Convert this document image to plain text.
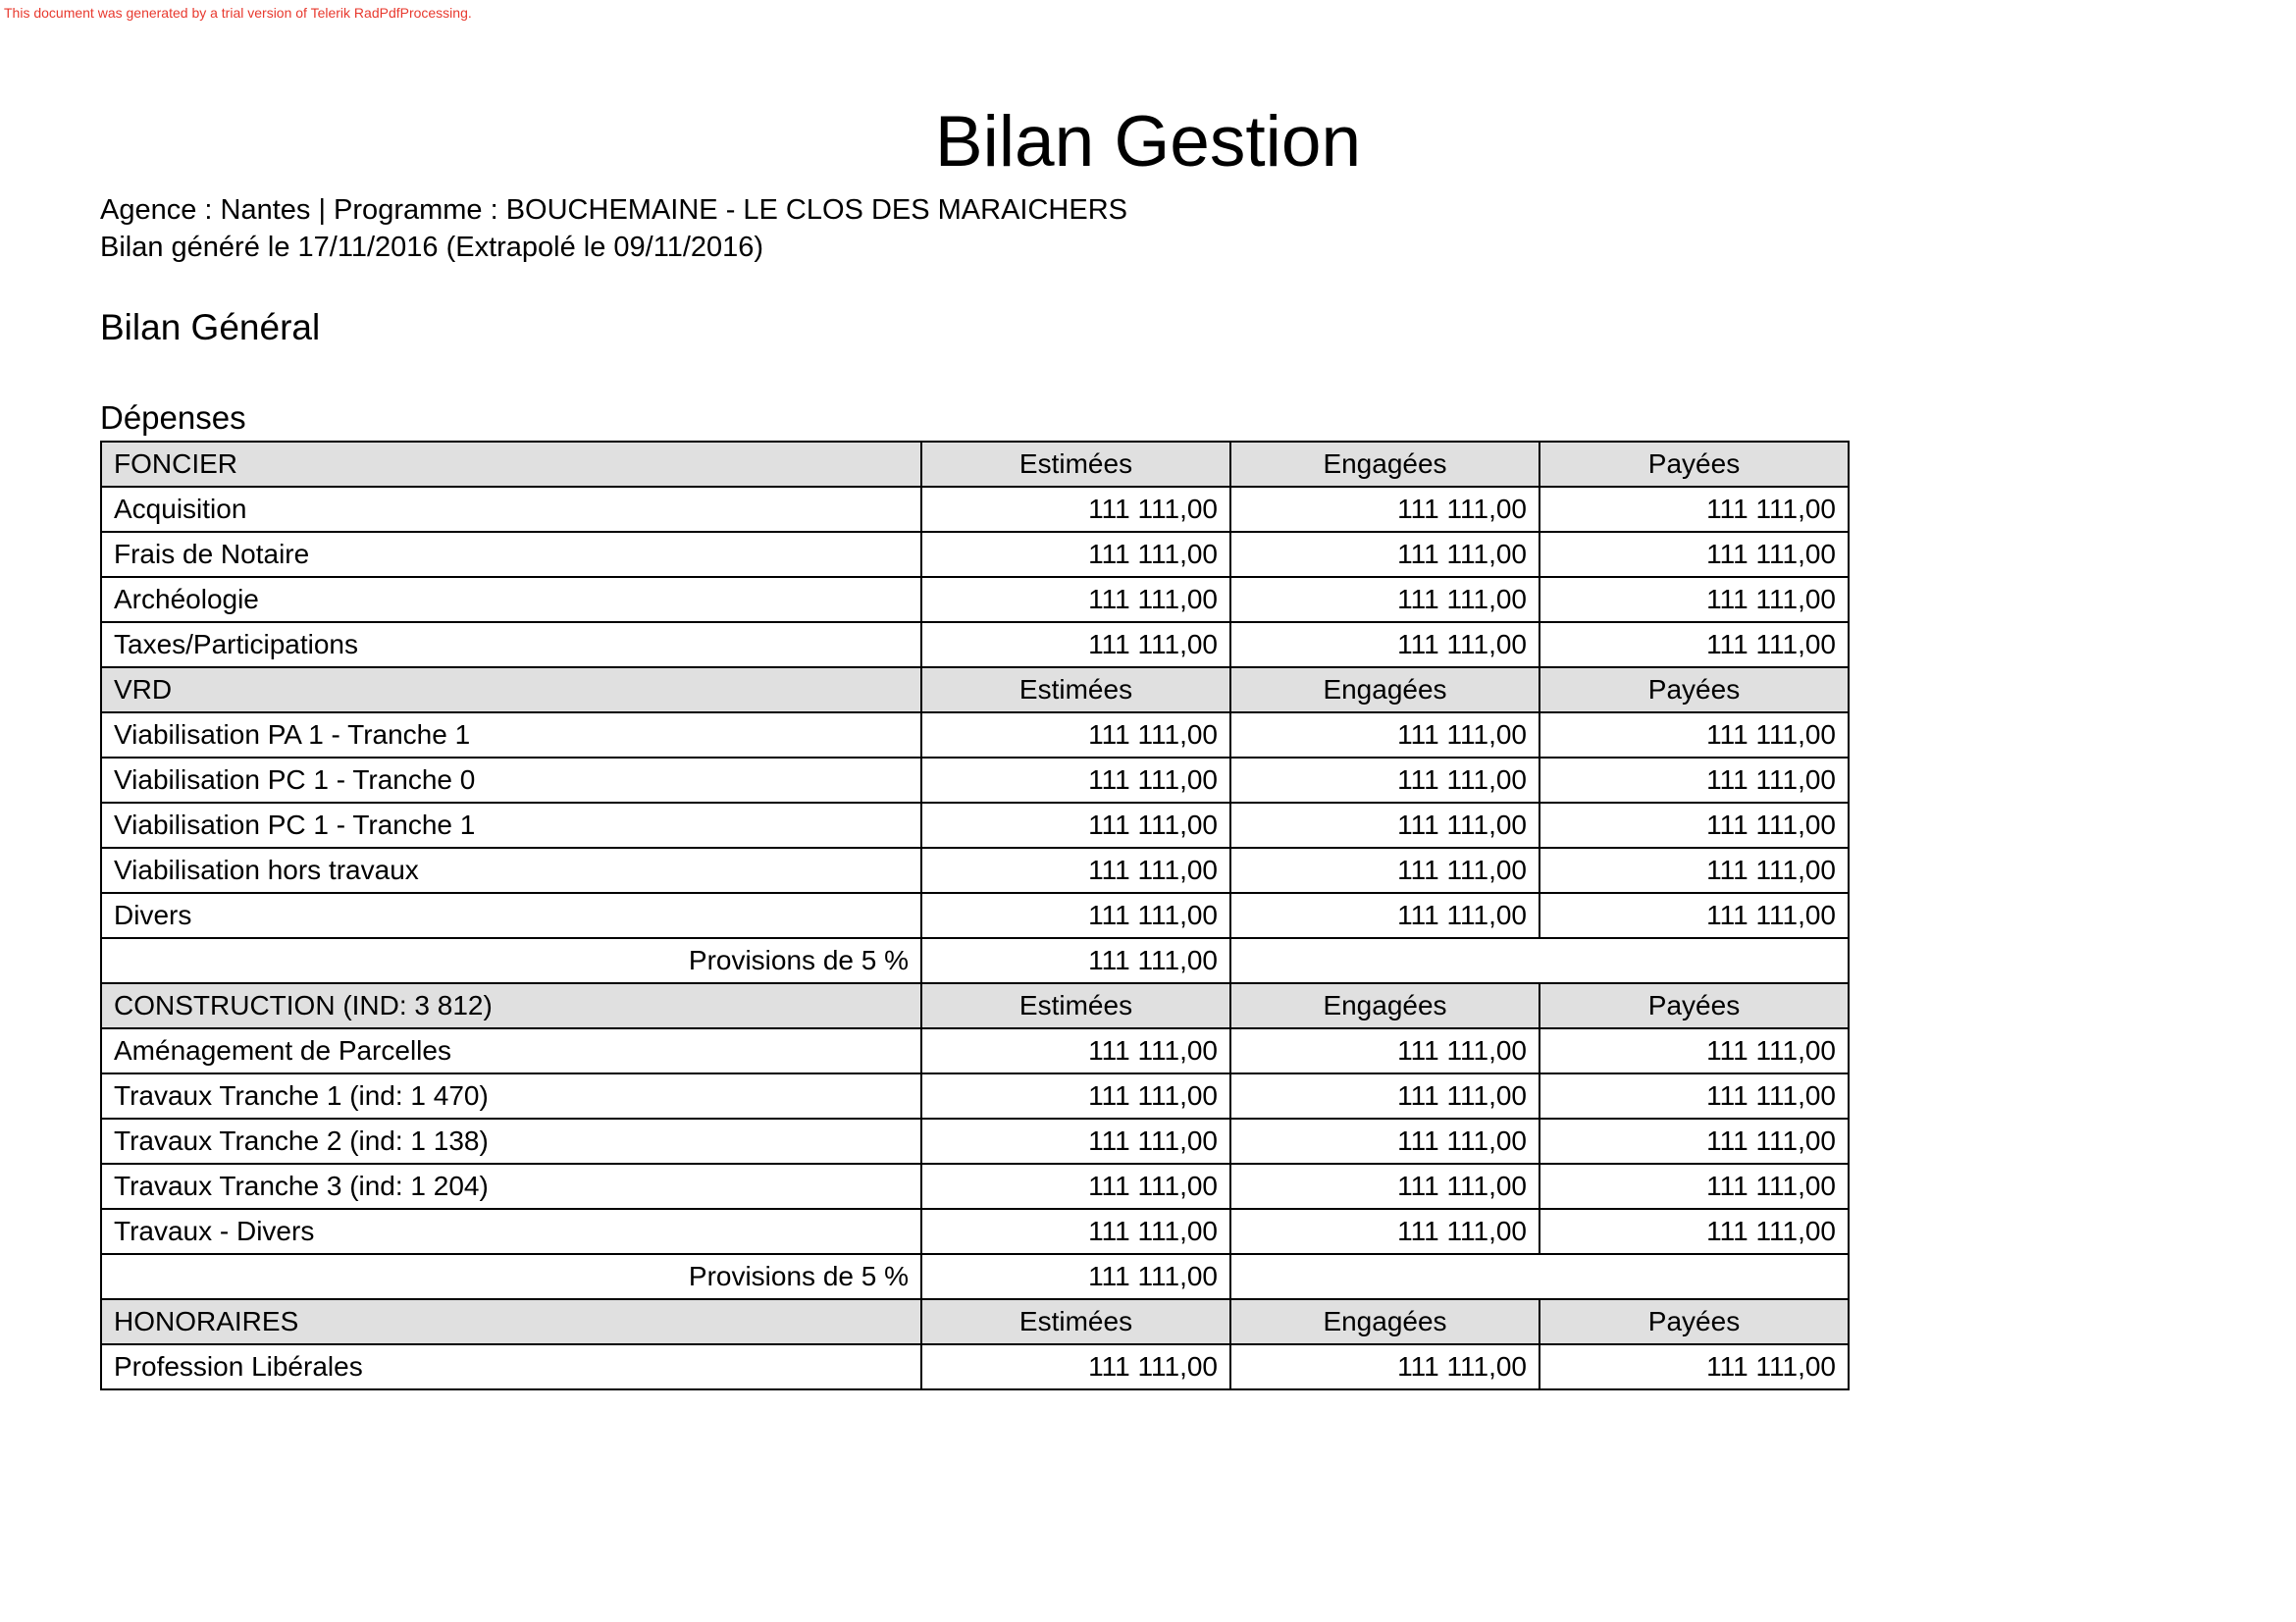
This document was generated by a trial version of Telerik RadPdfProcessing.
Bilan Gestion
Agence : Nantes | Programme : BOUCHEMAINE - LE CLOS DES MARAICHERS
Bilan généré le 17/11/2016 (Extrapolé le 09/11/2016)
Bilan Général
Dépenses
FONCIER	Estimées	Engagées	Payées
Acquisition	111 111,00	111 111,00	111 111,00
Frais de Notaire	111 111,00	111 111,00	111 111,00
Archéologie	111 111,00	111 111,00	111 111,00
Taxes/Participations	111 111,00	111 111,00	111 111,00
VRD	Estimées	Engagées	Payées
Viabilisation PA 1 - Tranche 1	111 111,00	111 111,00	111 111,00
Viabilisation PC 1 - Tranche 0	111 111,00	111 111,00	111 111,00
Viabilisation PC 1 - Tranche 1	111 111,00	111 111,00	111 111,00
Viabilisation hors travaux	111 111,00	111 111,00	111 111,00
Divers	111 111,00	111 111,00	111 111,00
Provisions de 5 %	111 111,00		
CONSTRUCTION (IND: 3 812)	Estimées	Engagées	Payées
Aménagement de Parcelles	111 111,00	111 111,00	111 111,00
Travaux Tranche 1 (ind: 1 470)	111 111,00	111 111,00	111 111,00
Travaux Tranche 2 (ind: 1 138)	111 111,00	111 111,00	111 111,00
Travaux Tranche 3 (ind: 1 204)	111 111,00	111 111,00	111 111,00
Travaux - Divers	111 111,00	111 111,00	111 111,00
Provisions de 5 %	111 111,00		
HONORAIRES	Estimées	Engagées	Payées
Profession Libérales	111 111,00	111 111,00	111 111,00
